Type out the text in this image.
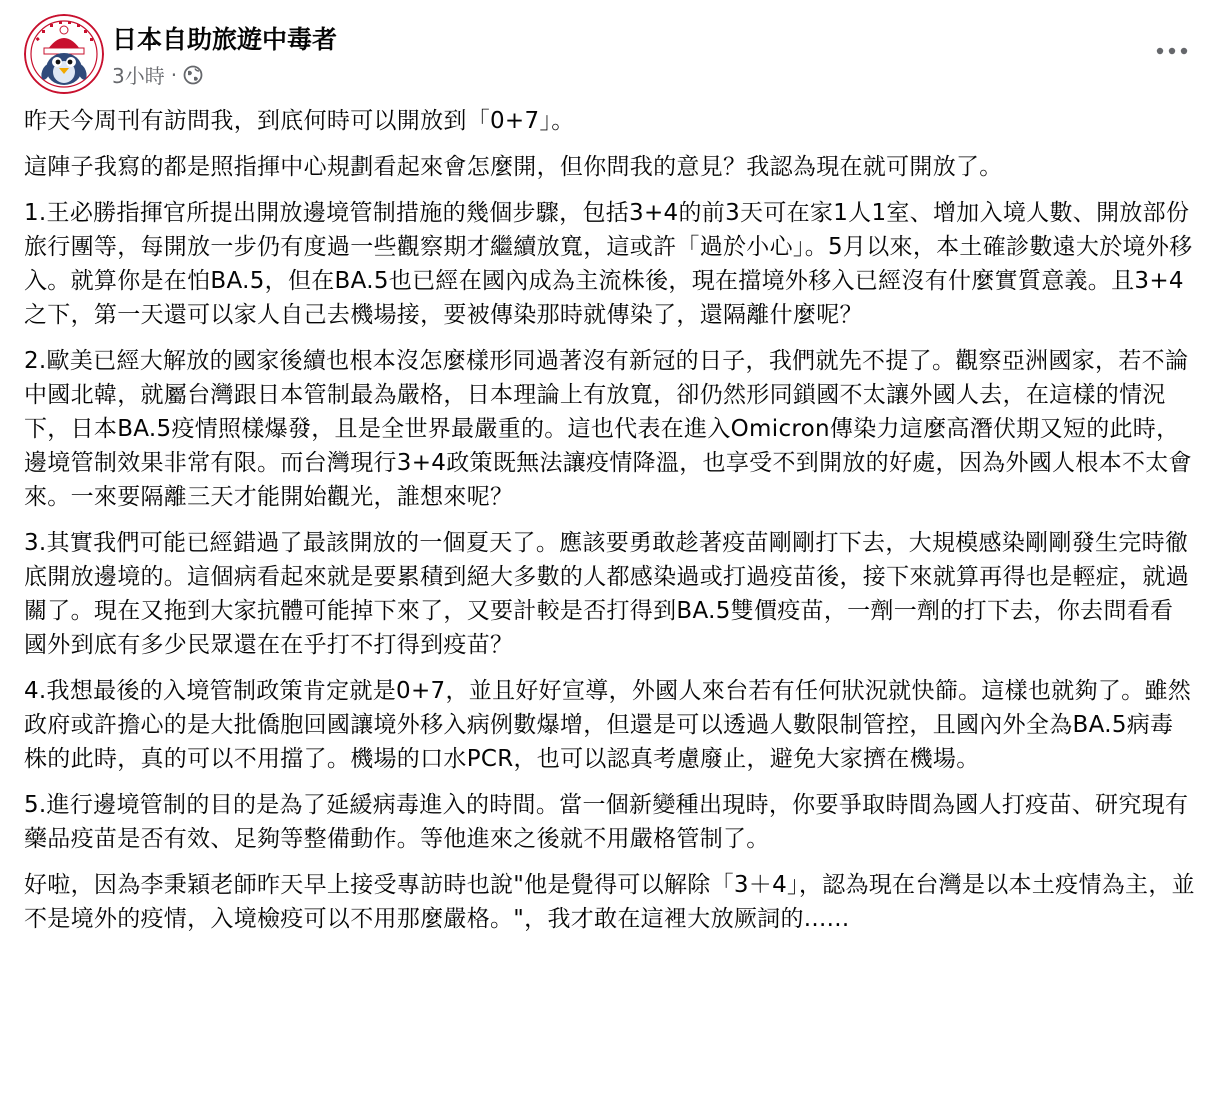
日本自助旅遊中毒者
3小時 ·

昨天今周刊有訪問我，到底何時可以開放到「0+7」。

這陣子我寫的都是照指揮中心規劃看起來會怎麼開，但你問我的意見？我認為現在就可開放了。

1.王必勝指揮官所提出開放邊境管制措施的幾個步驟，包括3+4的前3天可在家1人1室、增加入境人數、開放部份旅行團等，每開放一步仍有度過一些觀察期才繼續放寬，這或許「過於小心」。5月以來，本土確診數遠大於境外移入。就算你是在怕BA.5，但在BA.5也已經在國內成為主流株後，現在擋境外移入已經沒有什麼實質意義。且3+4之下，第一天還可以家人自己去機場接，要被傳染那時就傳染了，還隔離什麼呢？

2.歐美已經大解放的國家後續也根本沒怎麼樣形同過著沒有新冠的日子，我們就先不提了。觀察亞洲國家，若不論中國北韓，就屬台灣跟日本管制最為嚴格，日本理論上有放寬，卻仍然形同鎖國不太讓外國人去，在這樣的情況下，日本BA.5疫情照樣爆發，且是全世界最嚴重的。這也代表在進入Omicron傳染力這麼高潛伏期又短的此時，邊境管制效果非常有限。而台灣現行3+4政策既無法讓疫情降溫，也享受不到開放的好處，因為外國人根本不太會來。一來要隔離三天才能開始觀光，誰想來呢？

3.其實我們可能已經錯過了最該開放的一個夏天了。應該要勇敢趁著疫苗剛剛打下去，大規模感染剛剛發生完時徹底開放邊境的。這個病看起來就是要累積到絕大多數的人都感染過或打過疫苗後，接下來就算再得也是輕症，就過關了。現在又拖到大家抗體可能掉下來了，又要計較是否打得到BA.5雙價疫苗，一劑一劑的打下去，你去問看看國外到底有多少民眾還在在乎打不打得到疫苗？

4.我想最後的入境管制政策肯定就是0+7，並且好好宣導，外國人來台若有任何狀況就快篩。這樣也就夠了。雖然政府或許擔心的是大批僑胞回國讓境外移入病例數爆增，但還是可以透過人數限制管控，且國內外全為BA.5病毒株的此時，真的可以不用擋了。機場的口水PCR，也可以認真考慮廢止，避免大家擠在機場。

5.進行邊境管制的目的是為了延緩病毒進入的時間。當一個新變種出現時，你要爭取時間為國人打疫苗、研究現有藥品疫苗是否有效、足夠等整備動作。等他進來之後就不用嚴格管制了。

好啦，因為李秉穎老師昨天早上接受專訪時也說"他是覺得可以解除「3＋4」，認為現在台灣是以本土疫情為主，並不是境外的疫情，入境檢疫可以不用那麼嚴格。"，我才敢在這裡大放厥詞的......
